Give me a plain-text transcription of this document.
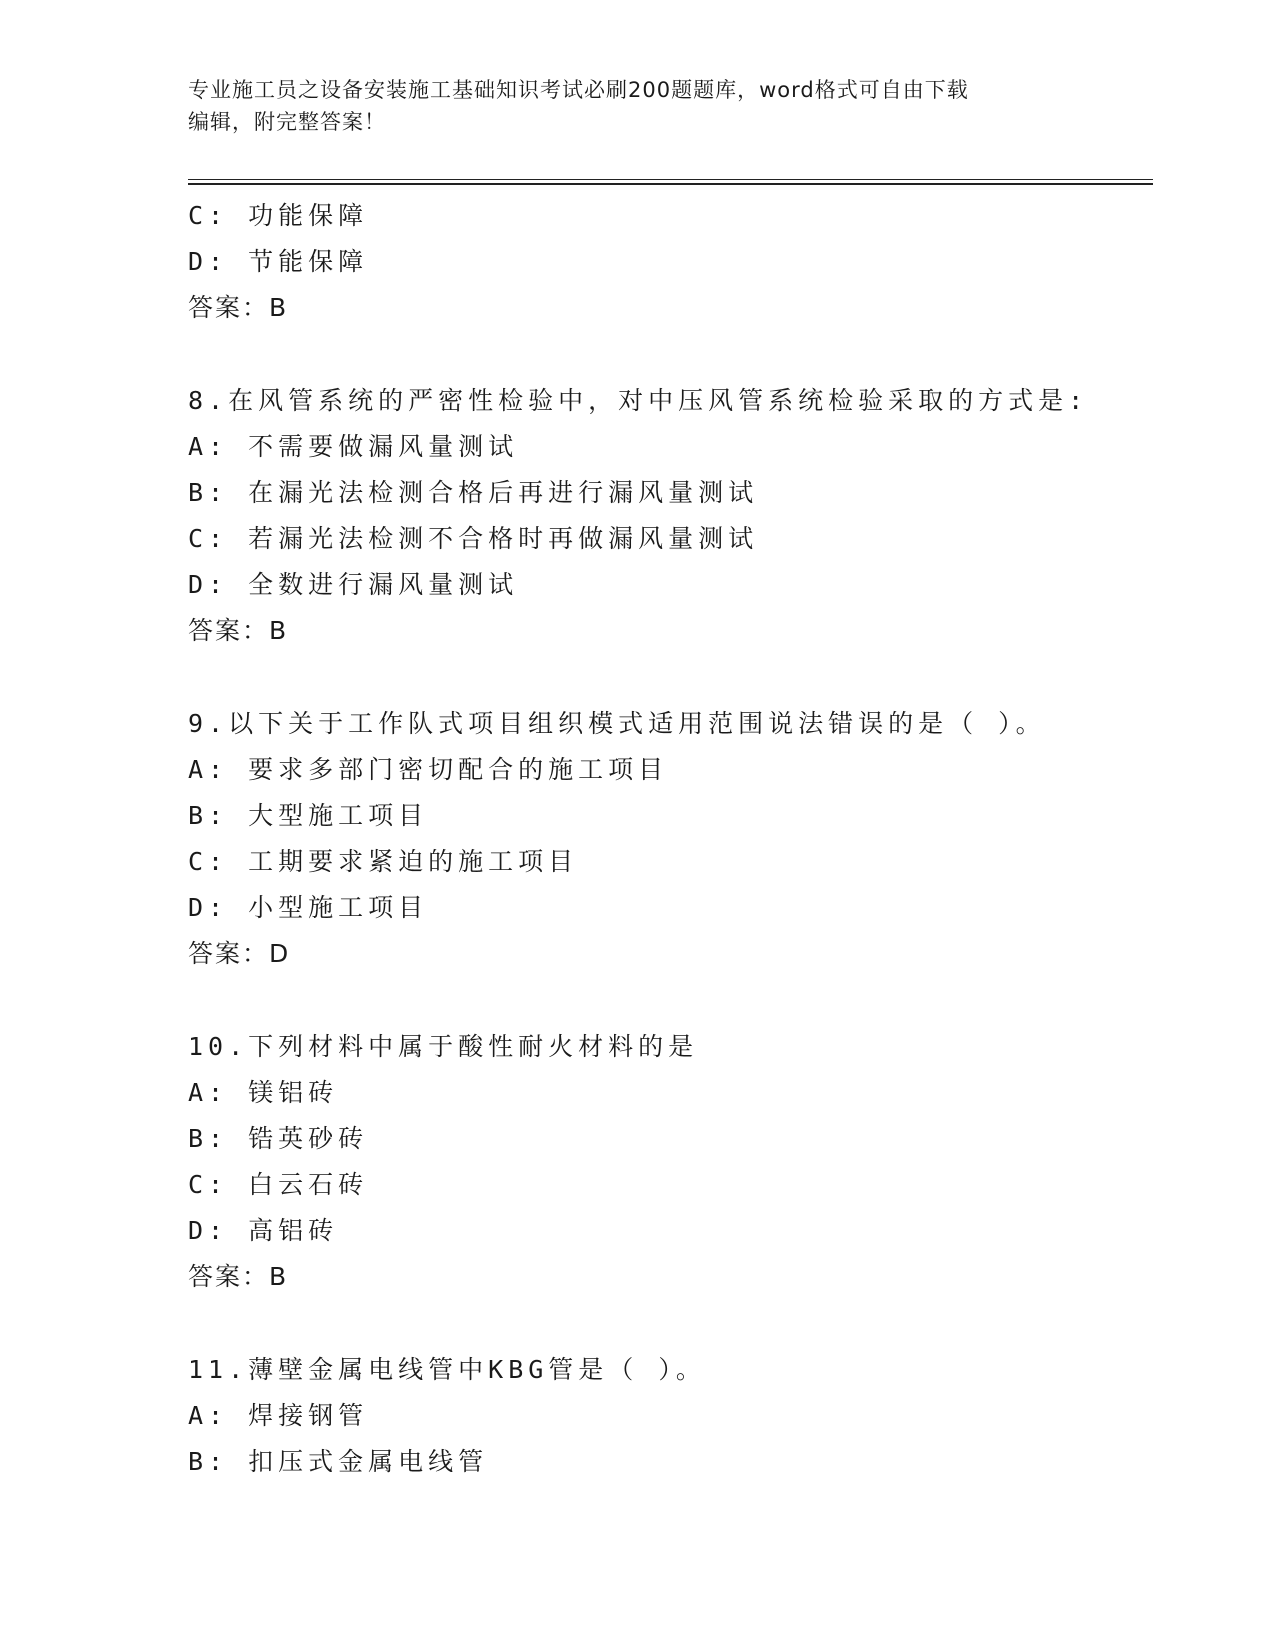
专业施工员之设备安装施工基础知识考试必刷200题题库，word格式可自由下载
编辑，附完整答案！
C: 功能保障
D: 节能保障
答案：B
8.在风管系统的严密性检验中，对中压风管系统检验采取的方式是:
A: 不需要做漏风量测试
B: 在漏光法检测合格后再进行漏风量测试
C: 若漏光法检测不合格时再做漏风量测试
D: 全数进行漏风量测试
答案：B
9.以下关于工作队式项目组织模式适用范围说法错误的是（ ）。
A: 要求多部门密切配合的施工项目
B: 大型施工项目
C: 工期要求紧迫的施工项目
D: 小型施工项目
答案：D
10.下列材料中属于酸性耐火材料的是
A: 镁铝砖
B: 锆英砂砖
C: 白云石砖
D: 高铝砖
答案：B
11.薄壁金属电线管中KBG管是（ ）。
A: 焊接钢管
B: 扣压式金属电线管
